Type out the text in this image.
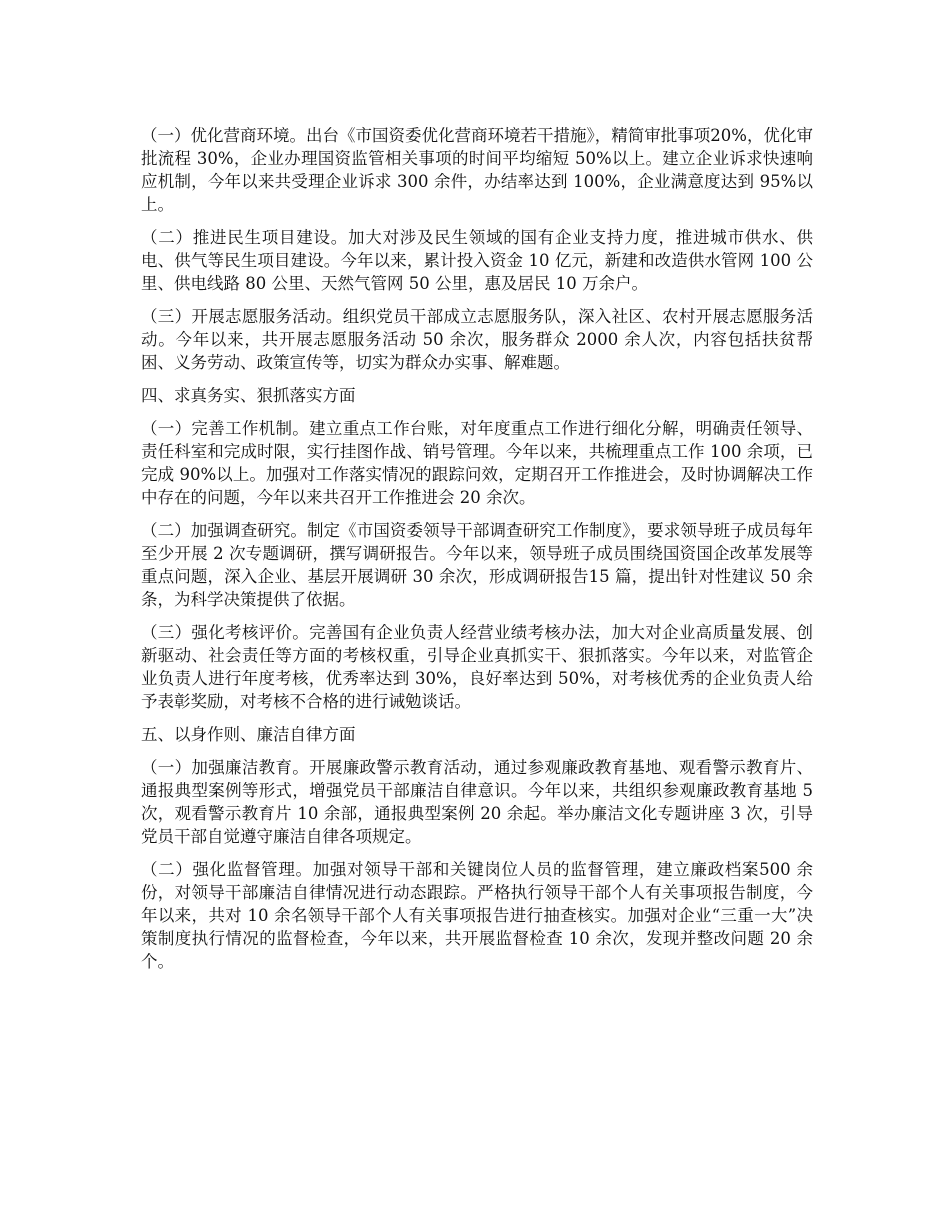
（一）优化营商环境。出台《市国资委优化营商环境若干措施》，精简审批事项20%，优化审批流程 30%，企业办理国资监管相关事项的时间平均缩短 50%以上。建立企业诉求快速响应机制，今年以来共受理企业诉求 300 余件，办结率达到 100%，企业满意度达到 95%以上。

（二）推进民生项目建设。加大对涉及民生领域的国有企业支持力度，推进城市供水、供电、供气等民生项目建设。今年以来，累计投入资金 10 亿元，新建和改造供水管网 100 公里、供电线路 80 公里、天然气管网 50 公里，惠及居民 10 万余户。

（三）开展志愿服务活动。组织党员干部成立志愿服务队，深入社区、农村开展志愿服务活动。今年以来，共开展志愿服务活动 50 余次，服务群众 2000 余人次，内容包括扶贫帮困、义务劳动、政策宣传等，切实为群众办实事、解难题。

四、求真务实、狠抓落实方面

（一）完善工作机制。建立重点工作台账，对年度重点工作进行细化分解，明确责任领导、责任科室和完成时限，实行挂图作战、销号管理。今年以来，共梳理重点工作 100 余项，已完成 90%以上。加强对工作落实情况的跟踪问效，定期召开工作推进会，及时协调解决工作中存在的问题，今年以来共召开工作推进会 20 余次。

（二）加强调查研究。制定《市国资委领导干部调查研究工作制度》，要求领导班子成员每年至少开展 2 次专题调研，撰写调研报告。今年以来，领导班子成员围绕国资国企改革发展等重点问题，深入企业、基层开展调研 30 余次，形成调研报告15 篇，提出针对性建议 50 余条，为科学决策提供了依据。

（三）强化考核评价。完善国有企业负责人经营业绩考核办法，加大对企业高质量发展、创新驱动、社会责任等方面的考核权重，引导企业真抓实干、狠抓落实。今年以来，对监管企业负责人进行年度考核，优秀率达到 30%，良好率达到 50%，对考核优秀的企业负责人给予表彰奖励，对考核不合格的进行诫勉谈话。

五、以身作则、廉洁自律方面

（一）加强廉洁教育。开展廉政警示教育活动，通过参观廉政教育基地、观看警示教育片、通报典型案例等形式，增强党员干部廉洁自律意识。今年以来，共组织参观廉政教育基地 5 次，观看警示教育片 10 余部，通报典型案例 20 余起。举办廉洁文化专题讲座 3 次，引导党员干部自觉遵守廉洁自律各项规定。

（二）强化监督管理。加强对领导干部和关键岗位人员的监督管理，建立廉政档案500 余份，对领导干部廉洁自律情况进行动态跟踪。严格执行领导干部个人有关事项报告制度，今年以来，共对 10 余名领导干部个人有关事项报告进行抽查核实。加强对企业“三重一大”决策制度执行情况的监督检查，今年以来，共开展监督检查 10 余次，发现并整改问题 20 余个。
